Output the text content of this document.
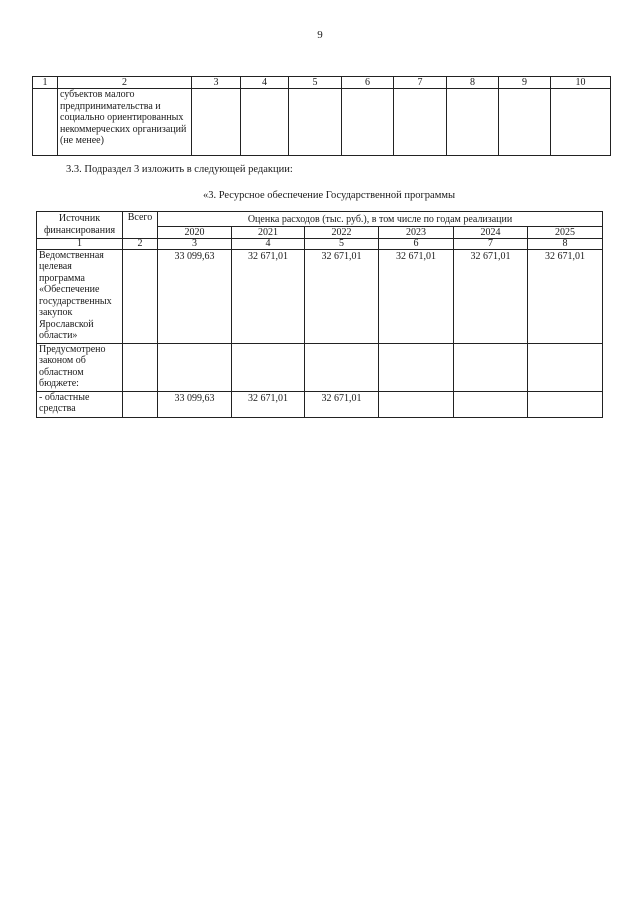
9
1	2	3	4	5	6	7	8	9	10
	субъектов малого предпринимательства и социально ориентированных некоммерческих организаций (не менее)								
3.3. Подраздел 3 изложить в следующей редакции:
«3. Ресурсное обеспечение Государственной программы
Источник финансирования	Всего	Оценка расходов (тыс. руб.), в том числе по годам реализации					
		2020	2021	2022	2023	2024	2025
1	2	3	4	5	6	7	8
Ведомственная целевая программа «Обеспечение государственных закупок Ярославской области»		33 099,63	32 671,01	32 671,01	32 671,01	32 671,01	32 671,01
Предусмотрено законом об областном бюджете:							
- областные средства		33 099,63	32 671,01	32 671,01			
